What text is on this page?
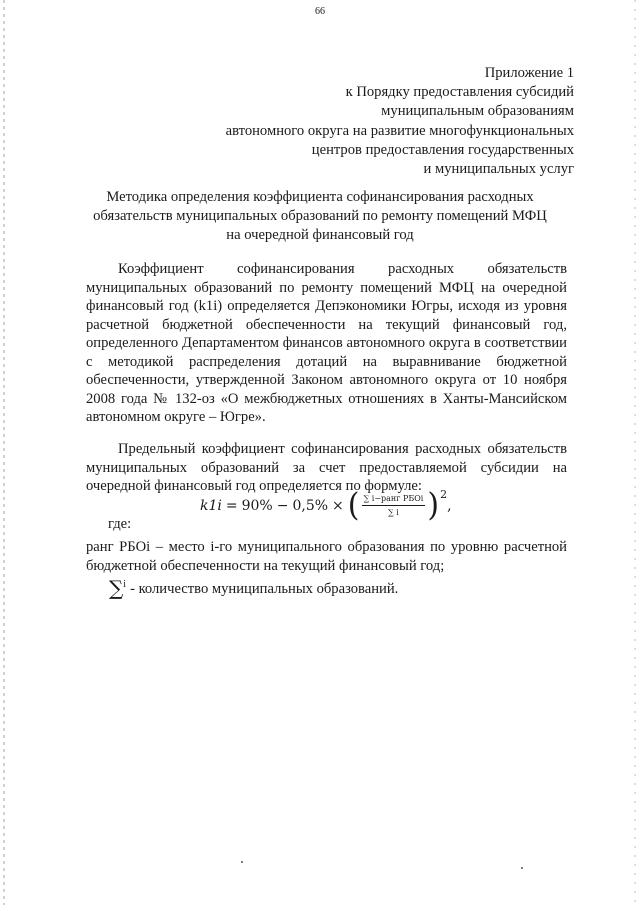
66
Приложение 1
к Порядку предоставления субсидий
муниципальным образованиям
автономного округа на развитие многофункциональных
центров предоставления государственных
и муниципальных услуг
Методика определения коэффициента софинансирования расходных
обязательств муниципальных образований по ремонту помещений МФЦ
на очередной финансовый год
Коэффициент софинансирования расходных обязательств муниципальных образований по ремонту помещений МФЦ на очередной финансовый год (k1i) определяется Депэкономики Югры, исходя из уровня расчетной бюджетной обеспеченности на текущий финансовый год, определенного Департаментом финансов автономного округа в соответствии с методикой распределения дотаций на выравнивание бюджетной обеспеченности, утвержденной Законом автономного округа от 10 ноября 2008 года № 132-оз «О межбюджетных отношениях в Ханты-Мансийском автономном округе – Югре».
Предельный коэффициент софинансирования расходных обязательств муниципальных образований за счет предоставляемой субсидии на очередной финансовый год определяется по формуле:
k1i = 90% − 0,5% × ( $\frac{\text{∑ i−ранг РБОi}}{\sum i}$ ) 2
,
где:
ранг РБОi – место i-го муниципального образования по уровню расчетной бюджетной обеспеченности на текущий финансовый год;
∑$^i$ - количество муниципальных образований.
